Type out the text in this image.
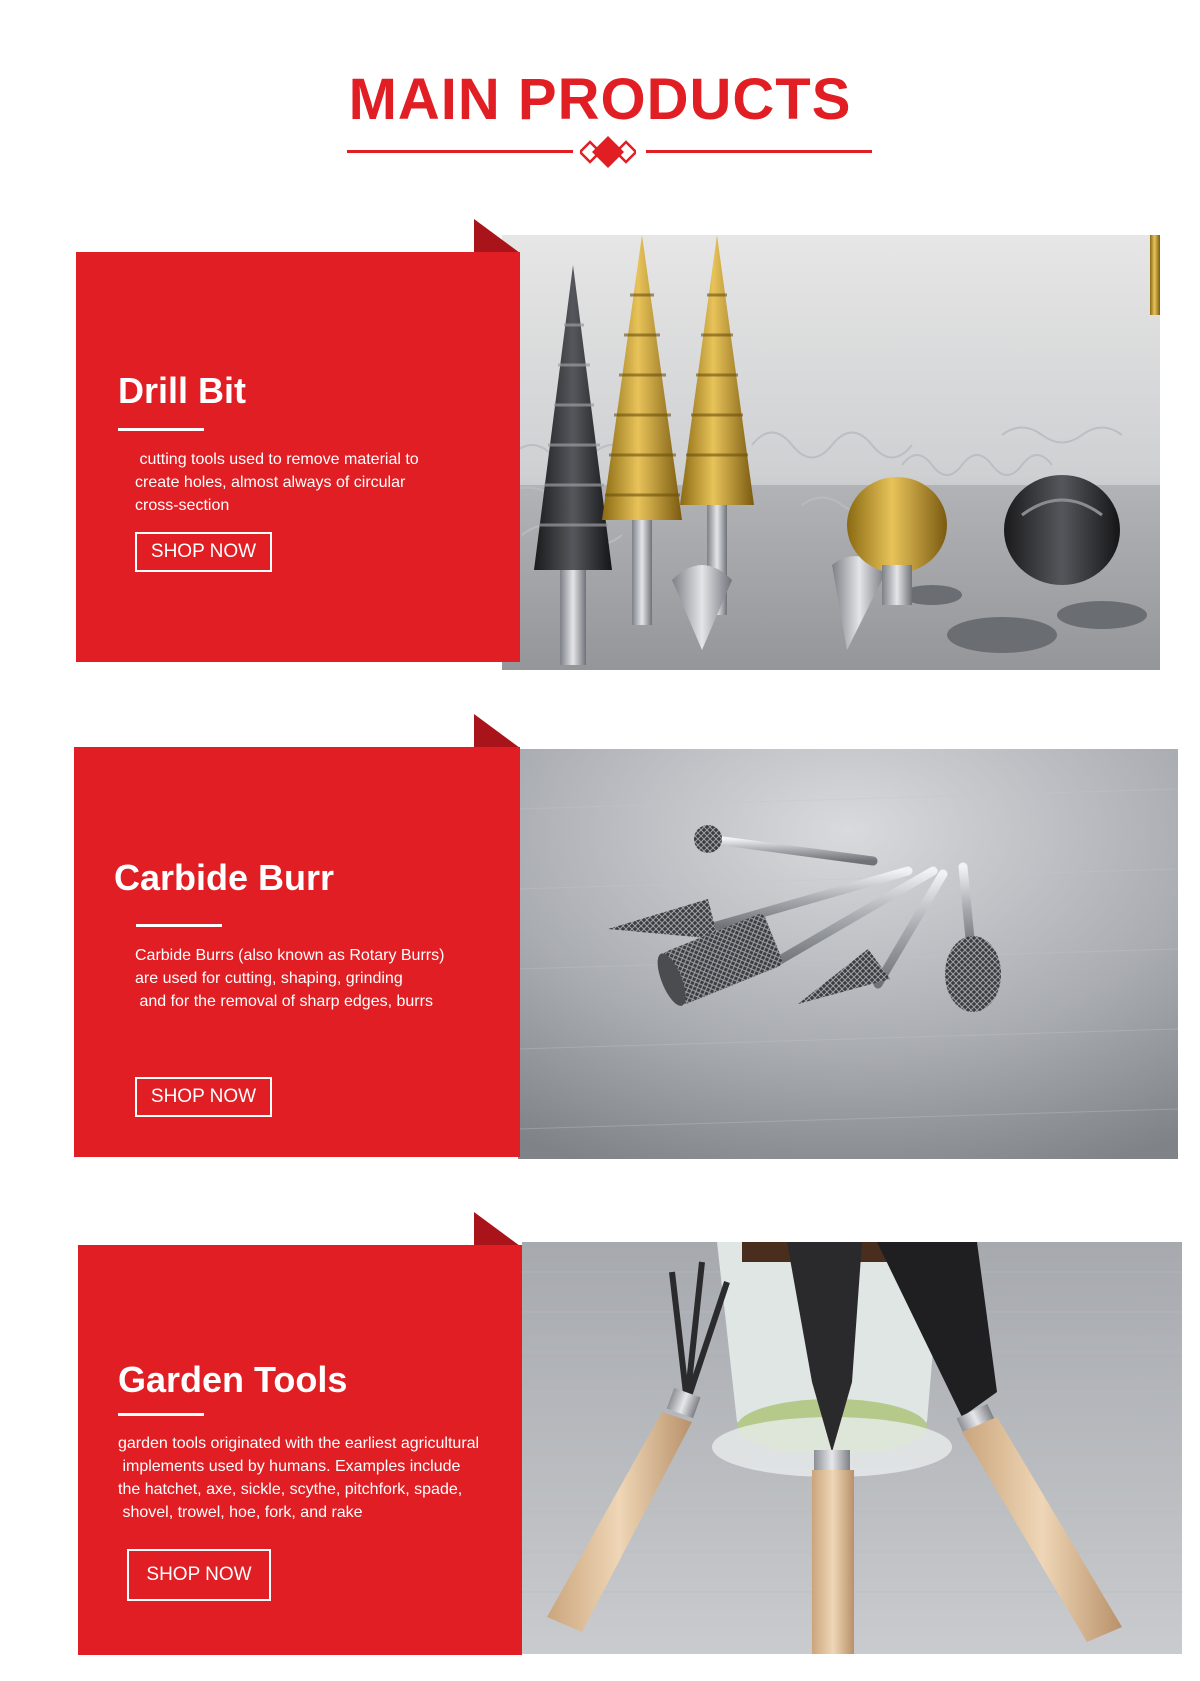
MAIN PRODUCTS
Drill Bit
cutting tools used to remove material to
create holes, almost always of circular
cross-section
SHOP NOW
Carbide Burr
Carbide Burrs (also known as Rotary Burrs)
are used for cutting, shaping, grinding
and for the removal of sharp edges, burrs
SHOP NOW
Garden Tools
garden tools originated with the earliest agricultural
implements used by humans. Examples include
the hatchet, axe, sickle, scythe, pitchfork, spade,
shovel, trowel, hoe, fork, and rake
SHOP NOW
